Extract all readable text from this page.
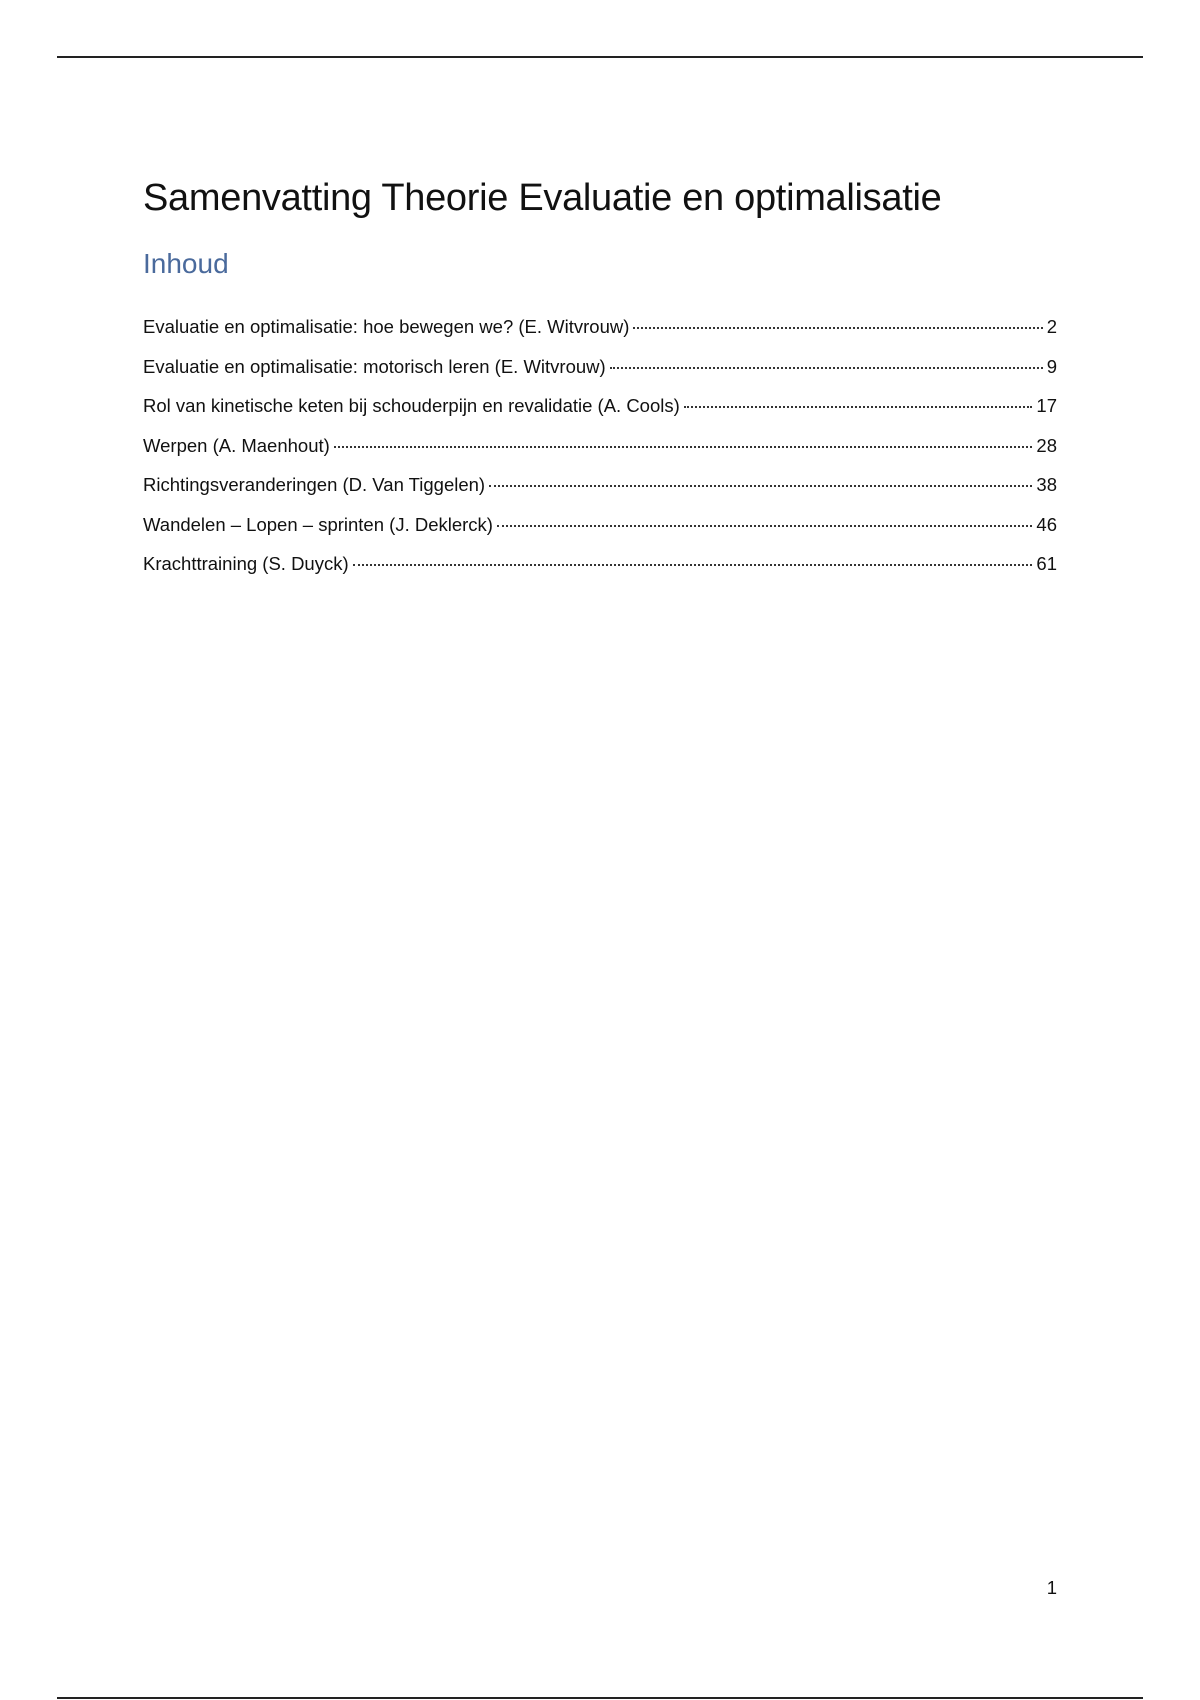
Samenvatting Theorie Evaluatie en optimalisatie
Inhoud
Evaluatie en optimalisatie: hoe bewegen we? (E. Witvrouw)	2
Evaluatie en optimalisatie: motorisch leren (E. Witvrouw)	9
Rol van kinetische keten bij schouderpijn en revalidatie (A. Cools)	17
Werpen (A. Maenhout)	28
Richtingsveranderingen (D. Van Tiggelen)	38
Wandelen – Lopen – sprinten (J. Deklerck)	46
Krachttraining (S. Duyck)	61
1
